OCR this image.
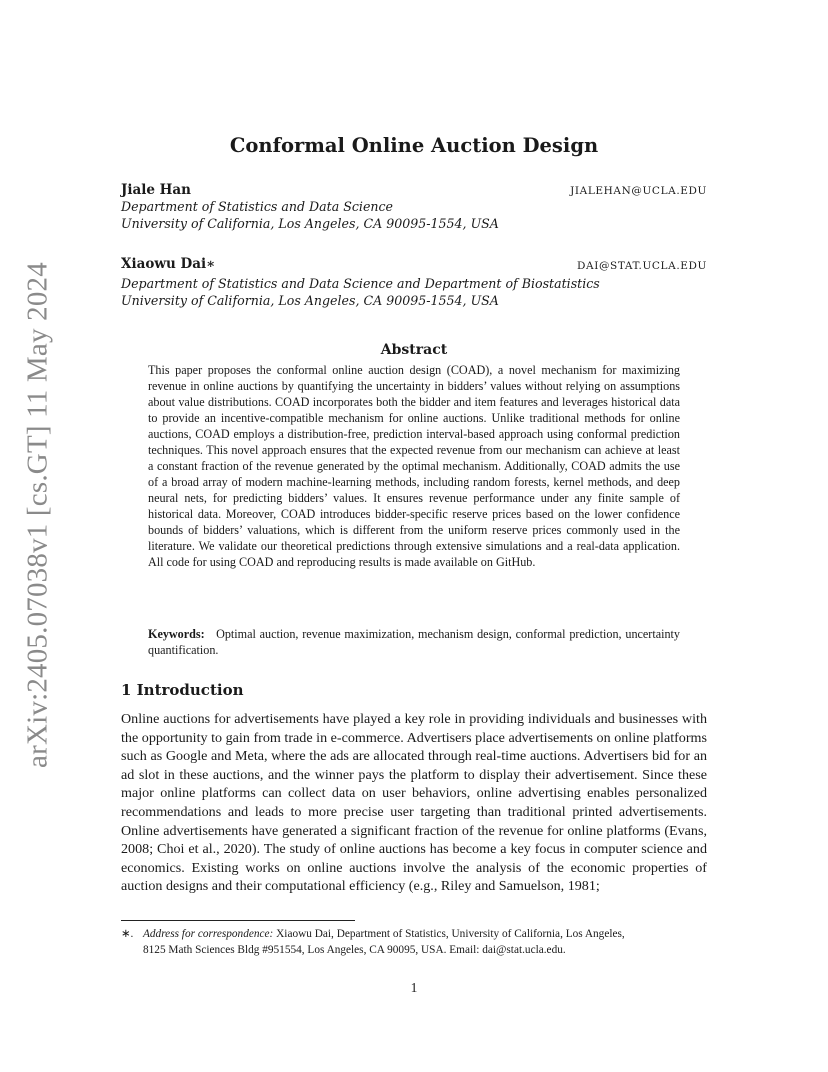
arXiv:2405.07038v1 [cs.GT] 11 May 2024
Conformal Online Auction Design
Jiale Han	JIALEHAN@UCLA.EDU
Department of Statistics and Data Science
University of California, Los Angeles, CA 90095-1554, USA
Xiaowu Dai∗	DAI@STAT.UCLA.EDU
Department of Statistics and Data Science and Department of Biostatistics
University of California, Los Angeles, CA 90095-1554, USA
Abstract
This paper proposes the conformal online auction design (COAD), a novel mechanism for maximizing revenue in online auctions by quantifying the uncertainty in bidders’ values without relying on assumptions about value distributions. COAD incorporates both the bidder and item features and leverages historical data to provide an incentive-compatible mechanism for online auctions. Unlike traditional methods for online auctions, COAD employs a distribution-free, prediction interval-based approach using conformal prediction techniques. This novel approach ensures that the expected revenue from our mechanism can achieve at least a constant fraction of the revenue generated by the optimal mechanism. Additionally, COAD admits the use of a broad array of modern machine-learning methods, including random forests, kernel methods, and deep neural nets, for predicting bidders’ values. It ensures revenue performance under any finite sample of historical data. Moreover, COAD introduces bidder-specific reserve prices based on the lower confidence bounds of bidders’ valuations, which is different from the uniform reserve prices commonly used in the literature. We validate our theoretical predictions through extensive simulations and a real-data application. All code for using COAD and reproducing results is made available on GitHub.
Keywords: Optimal auction, revenue maximization, mechanism design, conformal prediction, uncertainty quantification.
1 Introduction
Online auctions for advertisements have played a key role in providing individuals and businesses with the opportunity to gain from trade in e-commerce. Advertisers place advertisements on online platforms such as Google and Meta, where the ads are allocated through real-time auctions. Advertisers bid for an ad slot in these auctions, and the winner pays the platform to display their advertisement. Since these major online platforms can collect data on user behaviors, online advertising enables personalized recommendations and leads to more precise user targeting than traditional printed advertisements. Online advertisements have generated a significant fraction of the revenue for online platforms (Evans, 2008; Choi et al., 2020). The study of online auctions has become a key focus in computer science and economics. Existing works on online auctions involve the analysis of the economic properties of auction designs and their computational efficiency (e.g., Riley and Samuelson, 1981;
∗. Address for correspondence: Xiaowu Dai, Department of Statistics, University of California, Los Angeles,
8125 Math Sciences Bldg #951554, Los Angeles, CA 90095, USA. Email: dai@stat.ucla.edu.
1
